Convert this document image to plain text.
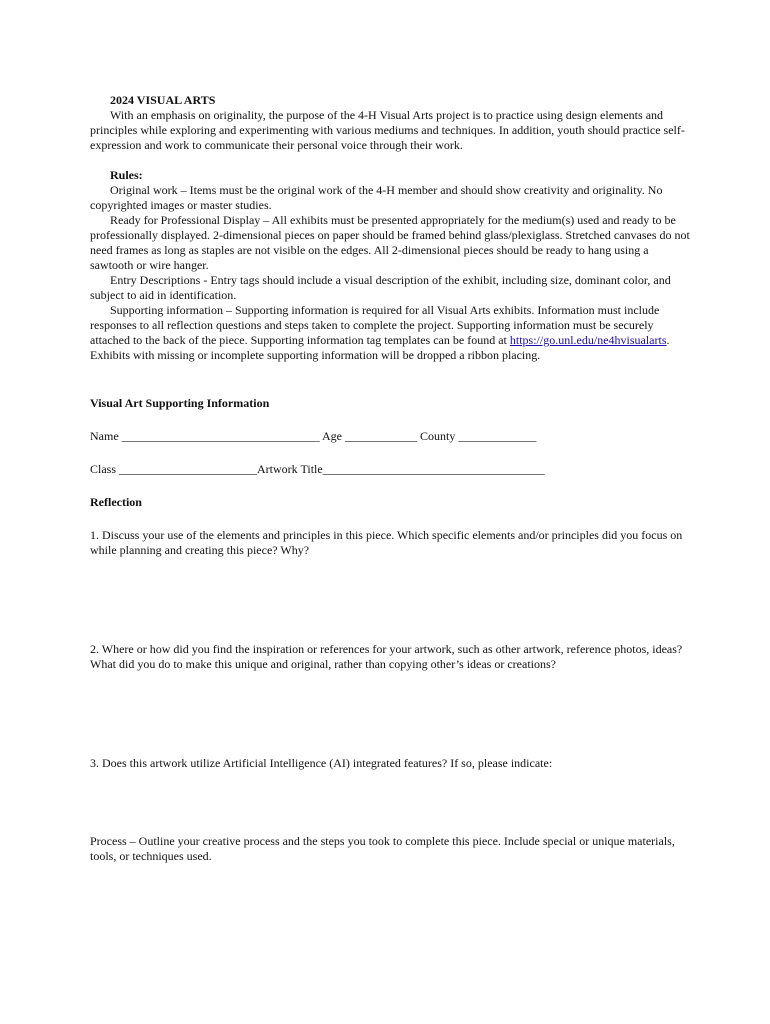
2024 VISUAL ARTS

With an emphasis on originality, the purpose of the 4-H Visual Arts project is to practice using design elements and principles while exploring and experimenting with various mediums and techniques. In addition, youth should practice self-expression and work to communicate their personal voice through their work.

Rules:

Original work – Items must be the original work of the 4-H member and should show creativity and originality. No copyrighted images or master studies.

Ready for Professional Display – All exhibits must be presented appropriately for the medium(s) used and ready to be professionally displayed. 2-dimensional pieces on paper should be framed behind glass/plexiglass. Stretched canvases do not need frames as long as staples are not visible on the edges. All 2-dimensional pieces should be ready to hang using a sawtooth or wire hanger.

Entry Descriptions - Entry tags should include a visual description of the exhibit, including size, dominant color, and subject to aid in identification.

Supporting information – Supporting information is required for all Visual Arts exhibits. Information must include responses to all reflection questions and steps taken to complete the project. Supporting information must be securely attached to the back of the piece. Supporting information tag templates can be found at https://go.unl.edu/ne4hvisualarts. Exhibits with missing or incomplete supporting information will be dropped a ribbon placing.

Visual Art Supporting Information

Name _________________________________ Age ____________ County _____________

Class _______________________Artwork Title_____________________________________

Reflection

1. Discuss your use of the elements and principles in this piece. Which specific elements and/or principles did you focus on while planning and creating this piece? Why?

2. Where or how did you find the inspiration or references for your artwork, such as other artwork, reference photos, ideas? What did you do to make this unique and original, rather than copying other’s ideas or creations?

3. Does this artwork utilize Artificial Intelligence (AI) integrated features? If so, please indicate:

Process – Outline your creative process and the steps you took to complete this piece. Include special or unique materials, tools, or techniques used.
